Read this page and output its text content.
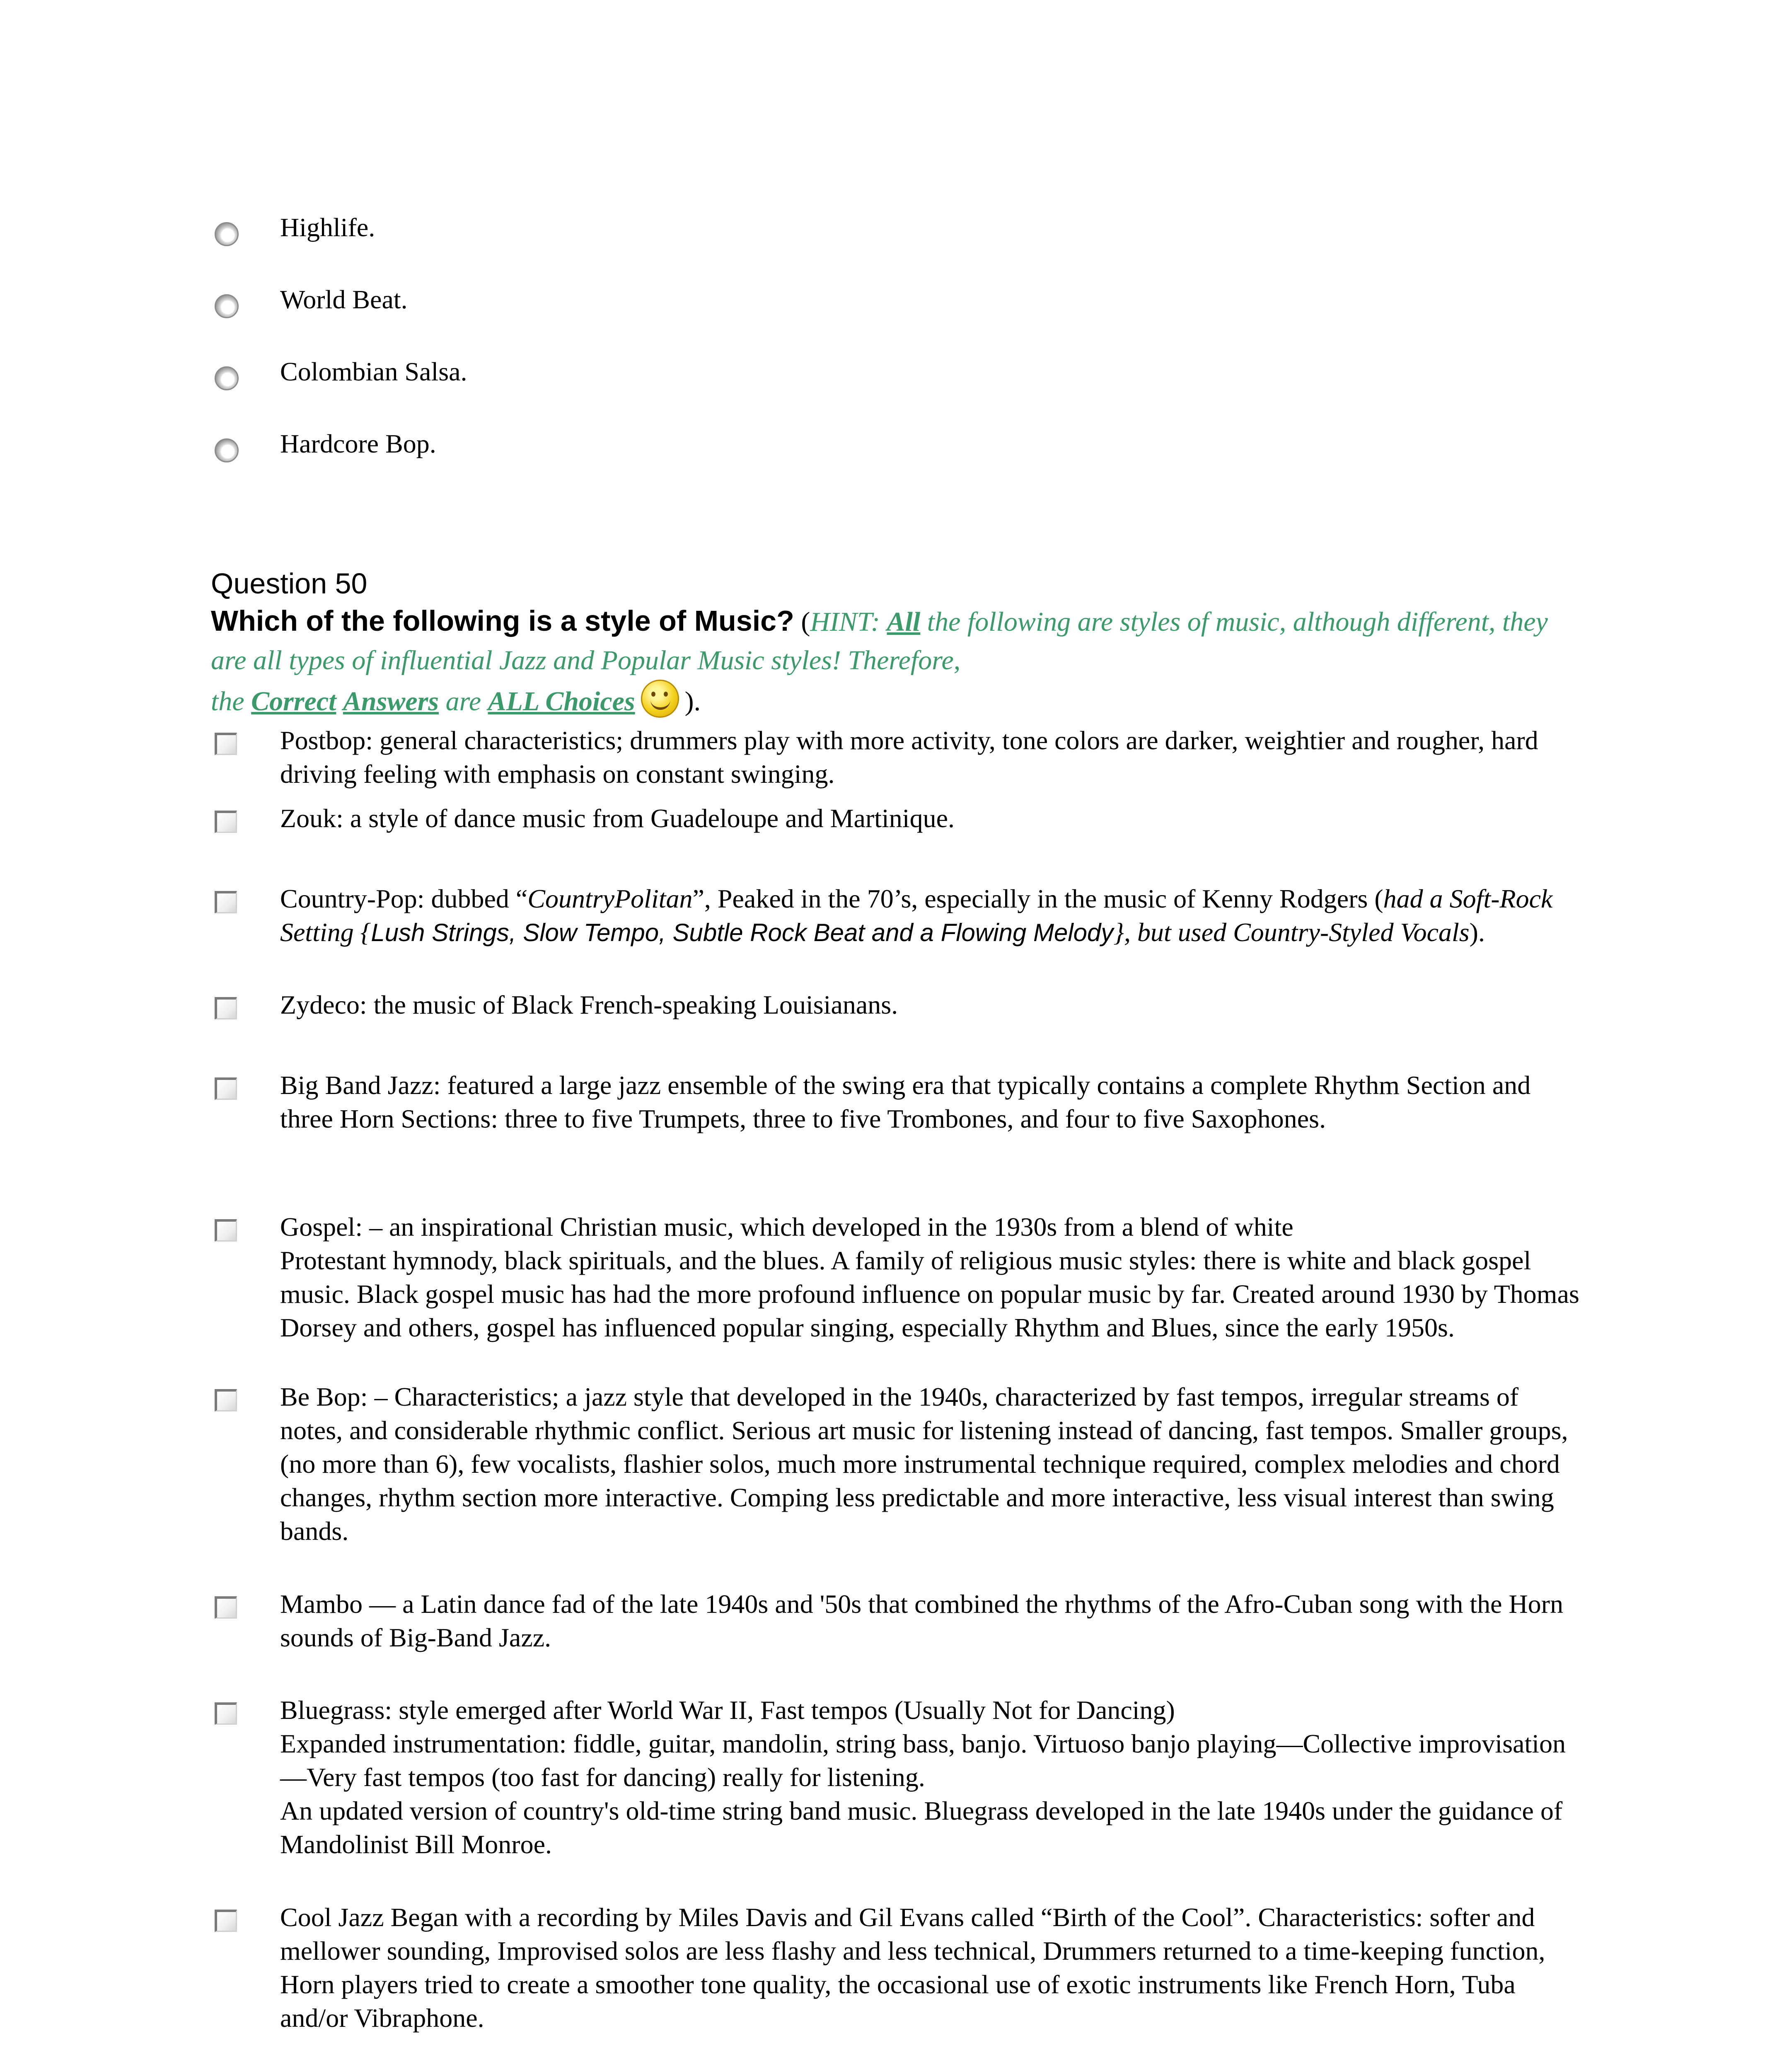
Highlife.
World Beat.
Colombian Salsa.
Hardcore Bop.
Question 50
Which of the following is a style of Music? (HINT: All the following are styles of music, although different, they are all types of influential Jazz and Popular Music styles! Therefore,
the Correct Answers are ALL Choices ).
Postbop: general characteristics; drummers play with more activity, tone colors are darker, weightier and rougher, hard driving feeling with emphasis on constant swinging.
Zouk: a style of dance music from Guadeloupe and Martinique.
Country-Pop: dubbed “CountryPolitan”, Peaked in the 70’s, especially in the music of Kenny Rodgers (had a Soft-Rock Setting {Lush Strings, Slow Tempo, Subtle Rock Beat and a Flowing Melody}, but used Country-Styled Vocals).
Zydeco: the music of Black French-speaking Louisianans.
Big Band Jazz: featured a large jazz ensemble of the swing era that typically contains a complete Rhythm Section and three Horn Sections: three to five Trumpets, three to five Trombones, and four to five Saxophones.
Gospel: – an inspirational Christian music, which developed in the 1930s from a blend of white
Protestant hymnody, black spirituals, and the blues. A family of religious music styles: there is white and black gospel music. Black gospel music has had the more profound influence on popular music by far. Created around 1930 by Thomas Dorsey and others, gospel has influenced popular singing, especially Rhythm and Blues, since the early 1950s.
Be Bop: – Characteristics; a jazz style that developed in the 1940s, characterized by fast tempos, irregular streams of notes, and considerable rhythmic conflict. Serious art music for listening instead of dancing, fast tempos. Smaller groups, (no more than 6), few vocalists, flashier solos, much more instrumental technique required, complex melodies and chord changes, rhythm section more interactive. Comping less predictable and more interactive, less visual interest than swing bands.
Mambo — a Latin dance fad of the late 1940s and '50s that combined the rhythms of the Afro-Cuban song with the Horn sounds of Big-Band Jazz.
Bluegrass: style emerged after World War II, Fast tempos (Usually Not for Dancing)
Expanded instrumentation: fiddle, guitar, mandolin, string bass, banjo. Virtuoso banjo playing—Collective improvisation—Very fast tempos (too fast for dancing) really for listening.
An updated version of country's old-time string band music. Bluegrass developed in the late 1940s under the guidance of Mandolinist Bill Monroe.
Cool Jazz Began with a recording by Miles Davis and Gil Evans called “Birth of the Cool”. Characteristics: softer and mellower sounding, Improvised solos are less flashy and less technical, Drummers returned to a time-keeping function, Horn players tried to create a smoother tone quality, the occasional use of exotic instruments like French Horn, Tuba and/or Vibraphone.
